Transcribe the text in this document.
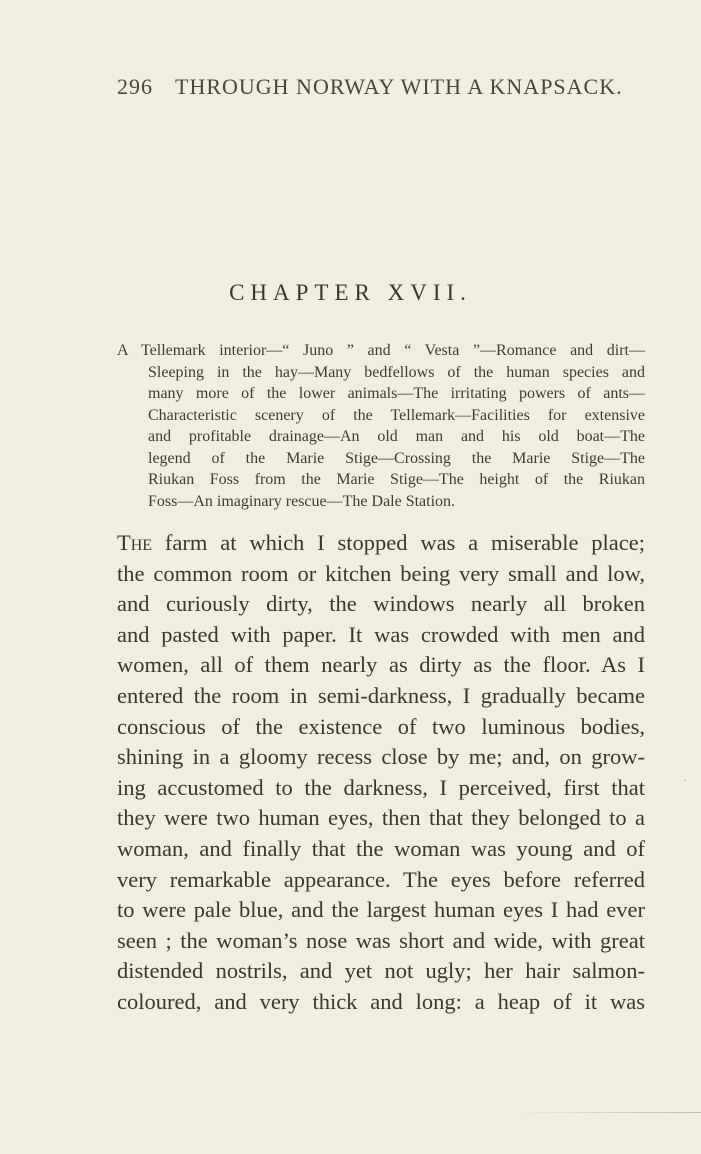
296 THROUGH NORWAY WITH A KNAPSACK.
CHAPTER XVII.
A Tellemark interior—“ Juno ” and “ Vesta ”—Romance and dirt—
Sleeping in the hay—Many bedfellows of the human species and
many more of the lower animals—The irritating powers of ants—
Characteristic scenery of the Tellemark—Facilities for extensive
and profitable drainage—An old man and his old boat—The
legend of the Marie Stige—Crossing the Marie Stige—The
Riukan Foss from the Marie Stige—The height of the Riukan
Foss—An imaginary rescue—The Dale Station.
The farm at which I stopped was a miserable place;
the common room or kitchen being very small and low,
and curiously dirty, the windows nearly all broken
and pasted with paper. It was crowded with men and
women, all of them nearly as dirty as the floor. As I
entered the room in semi-darkness, I gradually became
conscious of the existence of two luminous bodies,
shining in a gloomy recess close by me; and, on grow-
ing accustomed to the darkness, I perceived, first that
they were two human eyes, then that they belonged to a
woman, and finally that the woman was young and of
very remarkable appearance. The eyes before referred
to were pale blue, and the largest human eyes I had ever
seen ; the woman’s nose was short and wide, with great
distended nostrils, and yet not ugly; her hair salmon-
coloured, and very thick and long: a heap of it was
·
